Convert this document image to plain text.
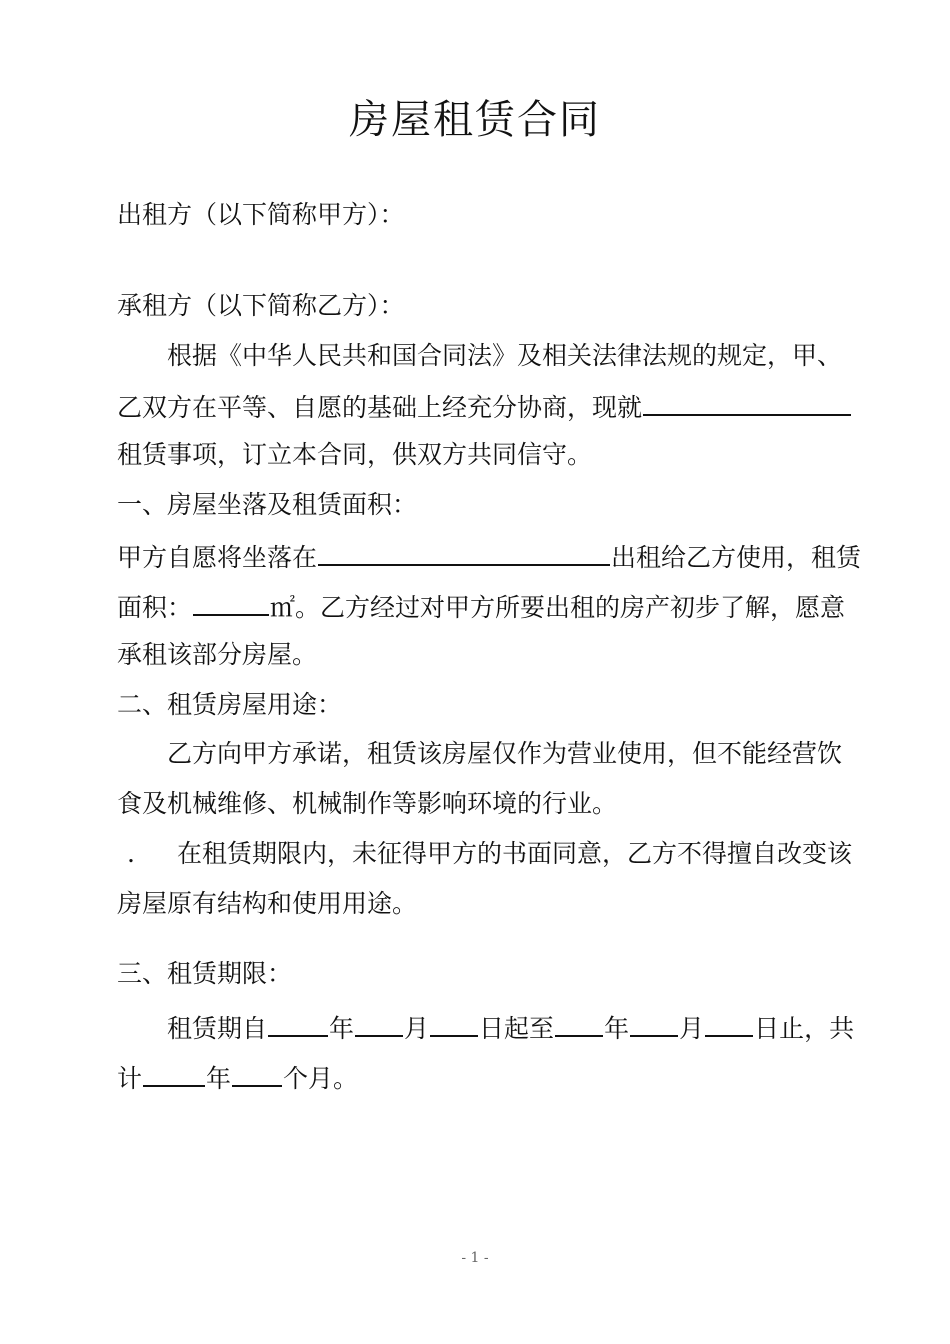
房屋租赁合同
出租方（以下简称甲方）：
承租方（以下简称乙方）：
根据《中华人民共和国合同法》及相关法律法规的规定，甲、
乙双方在平等、自愿的基础上经充分协商，现就
租赁事项，订立本合同，供双方共同信守。
一、房屋坐落及租赁面积：
甲方自愿将坐落在	出租给乙方使用，租赁
面积：	㎡。乙方经过对甲方所要出租的房产初步了解，愿意
承租该部分房屋。
二、租赁房屋用途：
乙方向甲方承诺，租赁该房屋仅作为营业使用，但不能经营饮
食及机械维修、机械制作等影响环境的行业。
. 在租赁期限内，未征得甲方的书面同意，乙方不得擅自改变该
房屋原有结构和使用用途。
三、租赁期限：
租赁期自 年 月 日起至 年 月 日止，共
计	年 个月。
- 1 -
